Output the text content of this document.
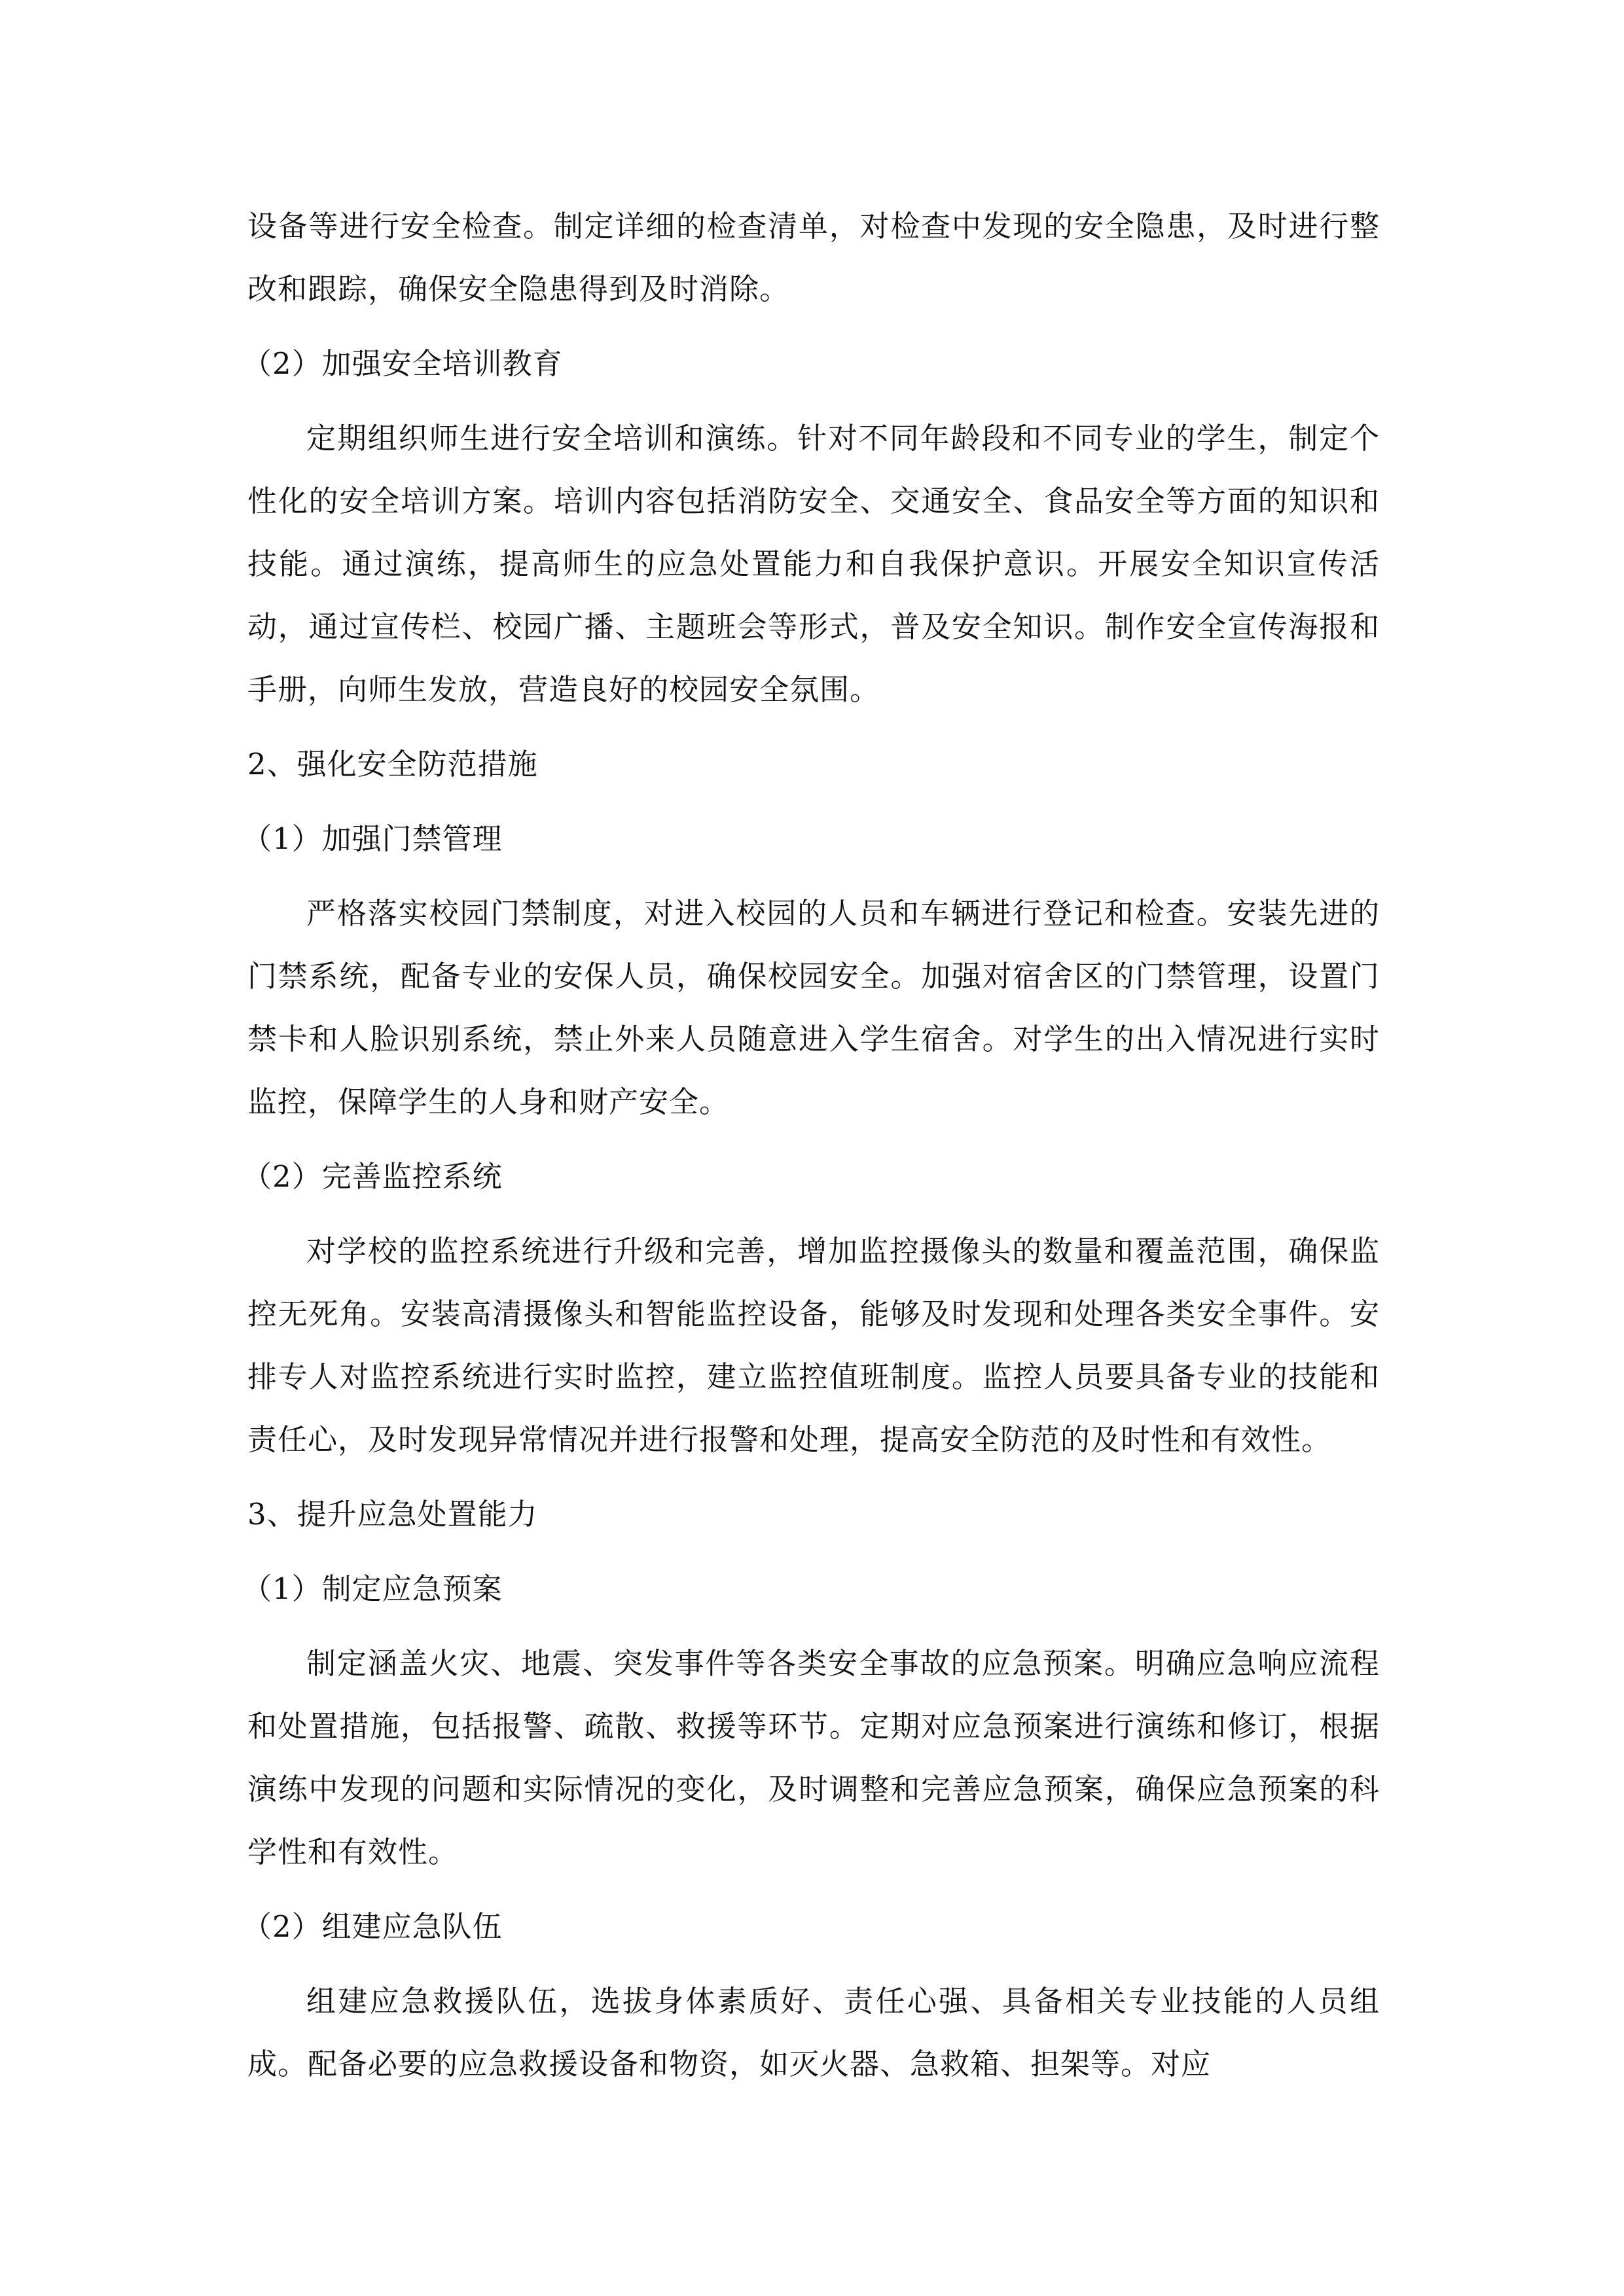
设备等进行安全检查。制定详细的检查清单，对检查中发现的安全隐患，及时进行整改和跟踪，确保安全隐患得到及时消除。

（2）加强安全培训教育

定期组织师生进行安全培训和演练。针对不同年龄段和不同专业的学生，制定个性化的安全培训方案。培训内容包括消防安全、交通安全、食品安全等方面的知识和技能。通过演练，提高师生的应急处置能力和自我保护意识。开展安全知识宣传活动，通过宣传栏、校园广播、主题班会等形式，普及安全知识。制作安全宣传海报和手册，向师生发放，营造良好的校园安全氛围。

2、强化安全防范措施
（1）加强门禁管理

严格落实校园门禁制度，对进入校园的人员和车辆进行登记和检查。安装先进的门禁系统，配备专业的安保人员，确保校园安全。加强对宿舍区的门禁管理，设置门禁卡和人脸识别系统，禁止外来人员随意进入学生宿舍。对学生的出入情况进行实时监控，保障学生的人身和财产安全。

（2）完善监控系统

对学校的监控系统进行升级和完善，增加监控摄像头的数量和覆盖范围，确保监控无死角。安装高清摄像头和智能监控设备，能够及时发现和处理各类安全事件。安排专人对监控系统进行实时监控，建立监控值班制度。监控人员要具备专业的技能和责任心，及时发现异常情况并进行报警和处理，提高安全防范的及时性和有效性。

3、提升应急处置能力
（1）制定应急预案

制定涵盖火灾、地震、突发事件等各类安全事故的应急预案。明确应急响应流程和处置措施，包括报警、疏散、救援等环节。定期对应急预案进行演练和修订，根据演练中发现的问题和实际情况的变化，及时调整和完善应急预案，确保应急预案的科学性和有效性。

（2）组建应急队伍

组建应急救援队伍，选拔身体素质好、责任心强、具备相关专业技能的人员组成。配备必要的应急救援设备和物资，如灭火器、急救箱、担架等。对应
